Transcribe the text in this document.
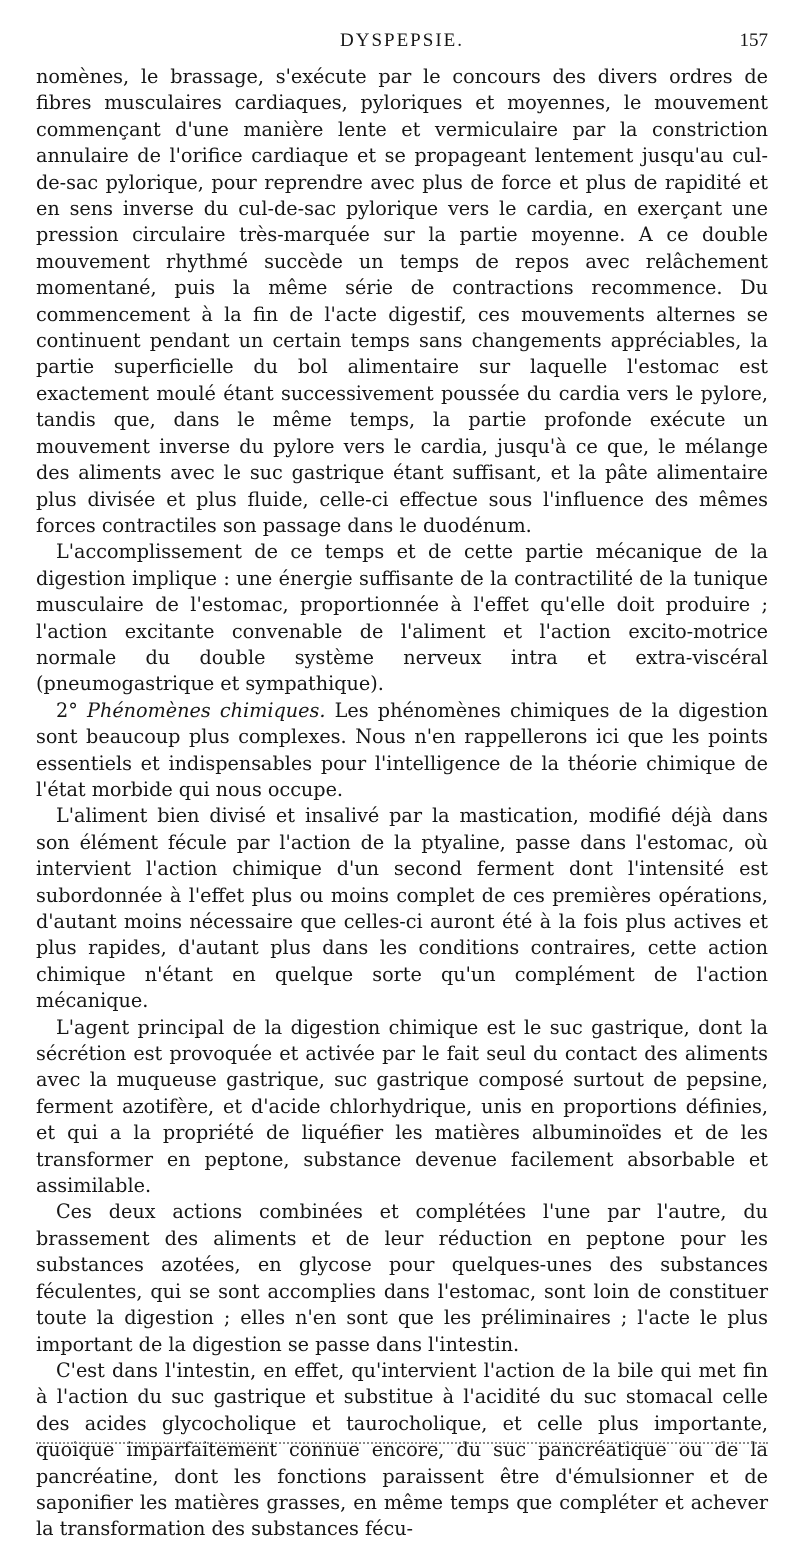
DYSPEPSIE.	157

nomènes, le brassage, s'exécute par le concours des divers ordres de fibres musculaires cardiaques, pyloriques et moyennes, le mouvement commençant d'une manière lente et vermiculaire par la constriction annulaire de l'orifice cardiaque et se propageant lentement jusqu'au cul-de-sac pylorique, pour reprendre avec plus de force et plus de rapidité et en sens inverse du cul-de-sac pylorique vers le cardia, en exerçant une pression circulaire très-marquée sur la partie moyenne. A ce double mouvement rhythmé succède un temps de repos avec relâchement momentané, puis la même série de contractions recommence. Du commencement à la fin de l'acte digestif, ces mouvements alternes se continuent pendant un certain temps sans changements appréciables, la partie superficielle du bol alimentaire sur laquelle l'estomac est exactement moulé étant successivement poussée du cardia vers le pylore, tandis que, dans le même temps, la partie profonde exécute un mouvement inverse du pylore vers le cardia, jusqu'à ce que, le mélange des aliments avec le suc gastrique étant suffisant, et la pâte alimentaire plus divisée et plus fluide, celle-ci effectue sous l'influence des mêmes forces contractiles son passage dans le duodénum.

L'accomplissement de ce temps et de cette partie mécanique de la digestion implique : une énergie suffisante de la contractilité de la tunique musculaire de l'estomac, proportionnée à l'effet qu'elle doit produire ; l'action excitante convenable de l'aliment et l'action excito-motrice normale du double système nerveux intra et extra-viscéral (pneumogastrique et sympathique).

2° Phénomènes chimiques. Les phénomènes chimiques de la digestion sont beaucoup plus complexes. Nous n'en rappellerons ici que les points essentiels et indispensables pour l'intelligence de la théorie chimique de l'état morbide qui nous occupe.

L'aliment bien divisé et insalivé par la mastication, modifié déjà dans son élément fécule par l'action de la ptyaline, passe dans l'estomac, où intervient l'action chimique d'un second ferment dont l'intensité est subordonnée à l'effet plus ou moins complet de ces premières opérations, d'autant moins nécessaire que celles-ci auront été à la fois plus actives et plus rapides, d'autant plus dans les conditions contraires, cette action chimique n'étant en quelque sorte qu'un complément de l'action mécanique.

L'agent principal de la digestion chimique est le suc gastrique, dont la sécrétion est provoquée et activée par le fait seul du contact des aliments avec la muqueuse gastrique, suc gastrique composé surtout de pepsine, ferment azotifère, et d'acide chlorhydrique, unis en proportions définies, et qui a la propriété de liquéfier les matières albuminoïdes et de les transformer en peptone, substance devenue facilement absorbable et assimilable.

Ces deux actions combinées et complétées l'une par l'autre, du brassement des aliments et de leur réduction en peptone pour les substances azotées, en glycose pour quelques-unes des substances féculentes, qui se sont accomplies dans l'estomac, sont loin de constituer toute la digestion ; elles n'en sont que les préliminaires ; l'acte le plus important de la digestion se passe dans l'intestin.

C'est dans l'intestin, en effet, qu'intervient l'action de la bile qui met fin à l'action du suc gastrique et substitue à l'acidité du suc stomacal celle des acides glycocholique et taurocholique, et celle plus importante, quoique imparfaitement connue encore, du suc pancréatique ou de la pancréatine, dont les fonctions paraissent être d'émulsionner et de saponifier les matières grasses, en même temps que compléter et achever la transformation des substances fécu-
